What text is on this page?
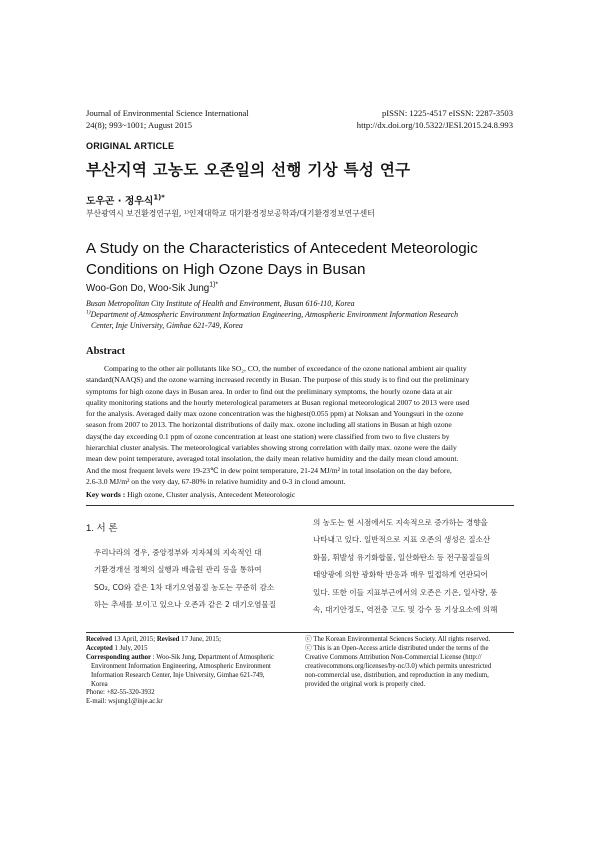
Journal of Environmental Science International
24(8); 993~1001; August 2015
pISSN: 1225-4517 eISSN: 2287-3503
http://dx.doi.org/10.5322/JESI.2015.24.8.993
ORIGINAL ARTICLE
부산지역 고농도 오존일의 선행 기상 특성 연구
도우곤 · 정우식$^{1)*}$
부산광역시 보건환경연구원, ¹⁾인제대학교 대기환경정보공학과/대기환경정보연구센터
A Study on the Characteristics of Antecedent Meteorologic
Conditions on High Ozone Days in Busan
Woo-Gon Do, Woo-Sik Jung$^{1)*}$
Busan Metropolitan City Institute of Health and Environment, Busan 616-110, Korea
$^{1)}$Department of Atmospheric Environment Information Engineering, Atmospheric Environment Information Research
Center, Inje University, Gimhae 621-749, Korea
Abstract
Comparing to the other air pollutants like SO₂, CO, the number of exceedance of the ozone national ambient air quality
standard(NAAQS) and the ozone warning increased recently in Busan. The purpose of this study is to find out the preliminary
symptoms for high ozone days in Busan area. In order to find out the preliminary symptoms, the hourly ozone data at air
quality monitoring stations and the hourly meterological parameters at Busan regional meteorological 2007 to 2013 were used
for the analysis. Averaged daily max ozone concentration was the highest(0.055 ppm) at Noksan and Youngsuri in the ozone
season from 2007 to 2013. The horizontal distributions of daily max. ozone including all stations in Busan at high ozone
days(the day exceeding 0.1 ppm of ozone concentration at least one station) were classified from two to five clusters by
hierarchial cluster analysis. The meteorological variables showing strong correlation with daily max. ozone were the daily
mean dew point temperature, averaged total insolation, the daily mean relative humidity and the daily mean cloud amount.
And the most frequent levels were 19-23℃ in dew point temperature, 21-24 MJ/m² in total insolation on the day before,
2.6-3.0 MJ/m² on the very day, 67-80% in relative humidity and 0-3 in cloud amount.
Key words : High ozone, Cluster analysis, Antecedent Meteorologic
1. 서 론
우리나라의 경우, 중앙정부와 지자체의 지속적인 대
기환경개선 정책의 실행과 배출원 관리 등을 통하여
SO₂, CO와 같은 1차 대기오염물질 농도는 꾸준히 감소
하는 추세를 보이고 있으나 오존과 같은 2 대기오염물질
의 농도는 현 시점에서도 지속적으로 증가하는 경향을
나타내고 있다. 일반적으로 지표 오존의 생성은 질소산
화물, 휘발성 유기화합물, 일산화탄소 등 전구물질들의
태양광에 의한 광화학 반응과 매우 밀접하게 연관되어
있다. 또한 이들 지표부근에서의 오존은 기온, 일사량, 풍
속, 대기안정도, 역전층 고도 및 강수 등 기상요소에 의해
Received 13 April, 2015; Revised 17 June, 2015;
Accepted 1 July, 2015
Corresponding author : Woo-Sik Jung, Department of Atmospheric
Environment Information Engineering, Atmospheric Environment
Information Research Center, Inje University, Gimhae 621-749,
Korea
Phone: +82-55-320-3932
E-mail: wsjung1@inje.ac.kr
ⓒ The Korean Environmental Sciences Society. All rights reserved.
ⓒ This is an Open-Access article distributed under the terms of the
Creative Commons Attribution Non-Commercial License (http://
creativecommons.org/licenses/by-nc/3.0) which permits unrestricted
non-commercial use, distribution, and reproduction in any medium,
provided the original work is properly cited.
